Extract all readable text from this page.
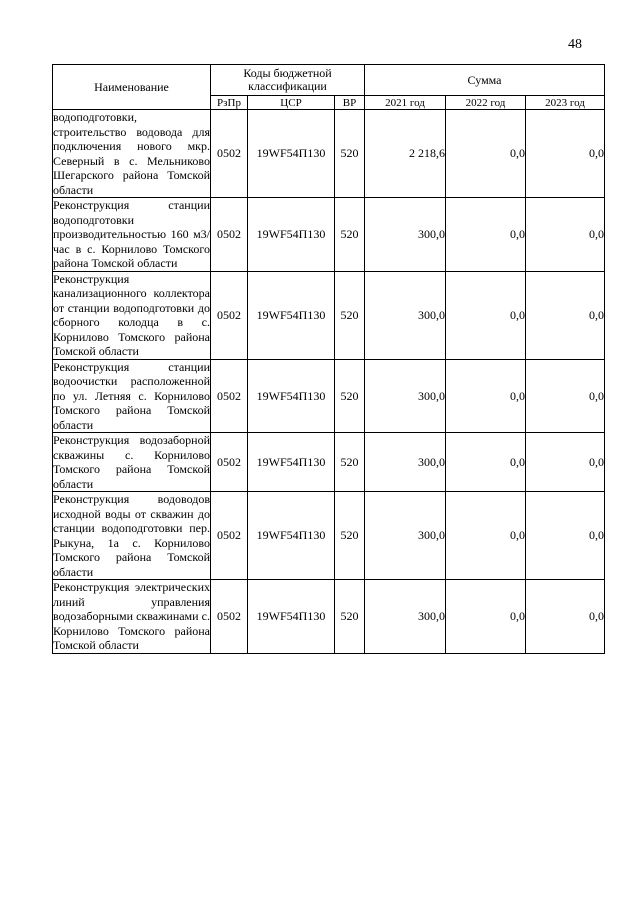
48
Наименование	Коды бюджетной классификации			Сумма		
	РзПр	ЦСР	ВР	2021 год	2022 год	2023 год
водоподготовки, строительство водовода для подключения нового мкр. Северный в с. Мельниково Шегарского района Томской области	0502	19WF54П130	520	2 218,6	0,0	0,0
Реконструкция станции водоподготовки производительностью 160 м3/час в с. Корнилово Томского района Томской области	0502	19WF54П130	520	300,0	0,0	0,0
Реконструкция канализационного коллектора от станции водоподготовки до сборного колодца в с. Корнилово Томского района Томской области	0502	19WF54П130	520	300,0	0,0	0,0
Реконструкция станции водоочистки расположенной по ул. Летняя с. Корнилово Томского района Томской области	0502	19WF54П130	520	300,0	0,0	0,0
Реконструкция водозаборной скважины с. Корнилово Томского района Томской области	0502	19WF54П130	520	300,0	0,0	0,0
Реконструкция водоводов исходной воды от скважин до станции водоподготовки пер. Рыкуна, 1а с. Корнилово Томского района Томской области	0502	19WF54П130	520	300,0	0,0	0,0
Реконструкция электрических линий управления водозаборными скважинами с. Корнилово Томского района Томской области	0502	19WF54П130	520	300,0	0,0	0,0
